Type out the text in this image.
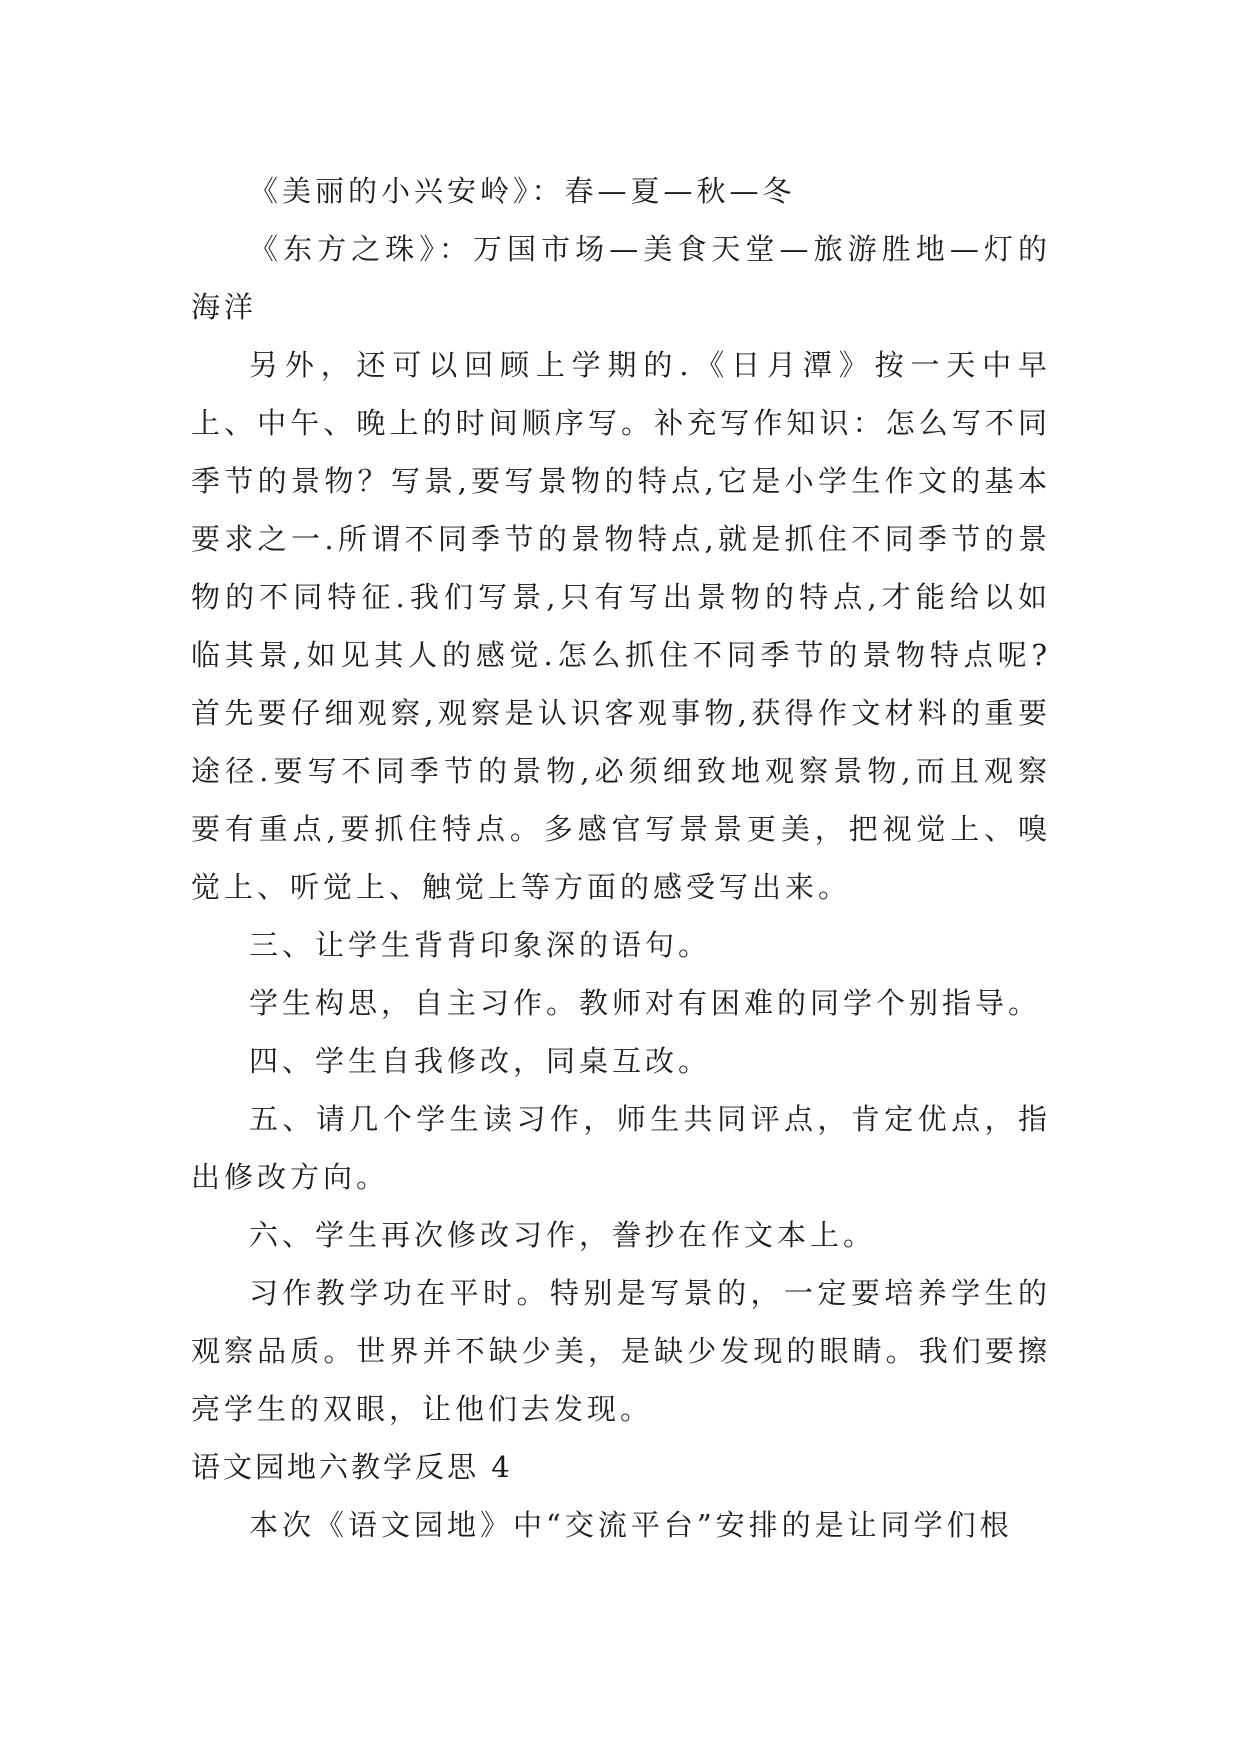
《美丽的小兴安岭》：春—夏—秋—冬

《东方之珠》：万国市场—美食天堂—旅游胜地—灯的海洋

另外，还可以回顾上学期的.《日月潭》按一天中早上、中午、晚上的时间顺序写。补充写作知识：怎么写不同季节的景物？写景,要写景物的特点,它是小学生作文的基本要求之一.所谓不同季节的景物特点,就是抓住不同季节的景物的不同特征.我们写景,只有写出景物的特点,才能给以如临其景,如见其人的感觉.怎么抓住不同季节的景物特点呢?首先要仔细观察,观察是认识客观事物,获得作文材料的重要途径.要写不同季节的景物,必须细致地观察景物,而且观察要有重点,要抓住特点。多感官写景景更美，把视觉上、嗅觉上、听觉上、触觉上等方面的感受写出来。

三、让学生背背印象深的语句。

学生构思，自主习作。教师对有困难的同学个别指导。

四、学生自我修改，同桌互改。

五、请几个学生读习作，师生共同评点，肯定优点，指出修改方向。

六、学生再次修改习作，誊抄在作文本上。

习作教学功在平时。特别是写景的，一定要培养学生的观察品质。世界并不缺少美，是缺少发现的眼睛。我们要擦亮学生的双眼，让他们去发现。

语文园地六教学反思 4

本次《语文园地》中“交流平台”安排的是让同学们根
